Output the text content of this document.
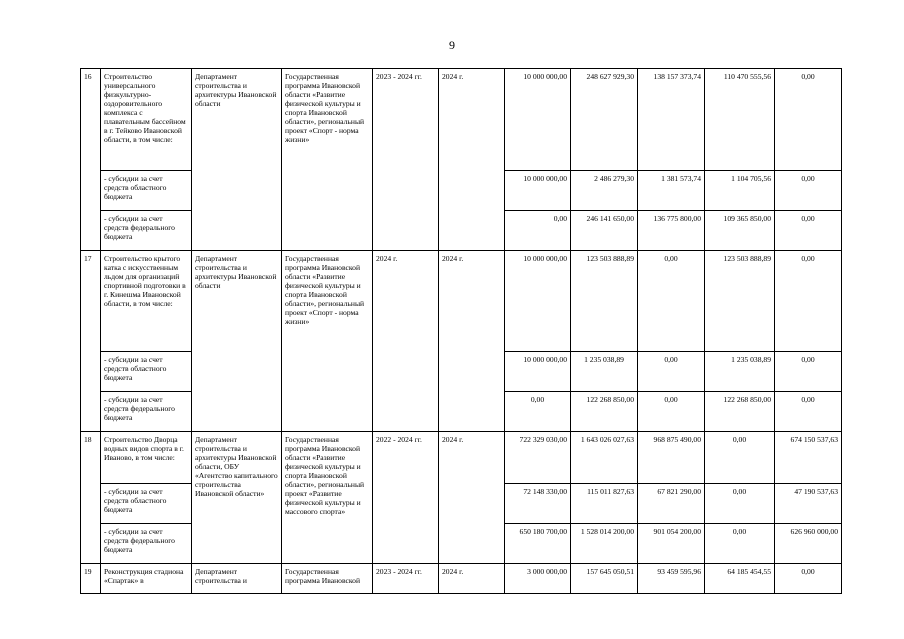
9
16	Строительство универсального физкультурно-оздоровительного комплекса с плавательным бассейном в г. Тейково Ивановской области, в том числе:	Департамент строительства и архитектуры Ивановской области	Государственная программа Ивановской области «Развитие физической культуры и спорта Ивановской области», региональный проект «Спорт - норма жизни»	2023 - 2024 гг.	2024 г.	10 000 000,00	248 627 929,30	138 157 373,74	110 470 555,56	0,00
	- субсидии за счет средств областного бюджета					10 000 000,00	2 486 279,30	1 381 573,74	1 104 705,56	0,00
	- субсидии за счет средств федерального бюджета					0,00	246 141 650,00	136 775 800,00	109 365 850,00	0,00
17	Строительство крытого катка с искусственным льдом для организаций спортивной подготовки в г. Кинешма Ивановской области, в том числе:	Департамент строительства и архитектуры Ивановской области	Государственная программа Ивановской области «Развитие физической культуры и спорта Ивановской области», региональный проект «Спорт - норма жизни»	2024 г.	2024 г.	10 000 000,00	123 503 888,89	0,00	123 503 888,89	0,00
	- субсидии за счет средств областного бюджета					10 000 000,00	1 235 038,89	0,00	1 235 038,89	0,00
	- субсидии за счет средств федерального бюджета					0,00	122 268 850,00	0,00	122 268 850,00	0,00
18	Строительство Дворца водных видов спорта в г. Иваново, в том числе:	Департамент строительства и архитектуры Ивановской области, ОБУ «Агентство капитального строительства Ивановской области»	Государственная программа Ивановской области «Развитие физической культуры и спорта Ивановской области», региональный проект «Развитие физической культуры и массового спорта»	2022 - 2024 гг.	2024 г.	722 329 030,00	1 643 026 027,63	968 875 490,00	0,00	674 150 537,63
	- субсидии за счет средств областного бюджета					72 148 330,00	115 011 827,63	67 821 290,00	0,00	47 190 537,63
	- субсидии за счет средств федерального бюджета					650 180 700,00	1 528 014 200,00	901 054 200,00	0,00	626 960 000,00
19	Реконструкция стадиона «Спартак» в	Департамент строительства и	Государственная программа Ивановской	2023 - 2024 гг.	2024 г.	3 000 000,00	157 645 050,51	93 459 595,96	64 185 454,55	0,00
